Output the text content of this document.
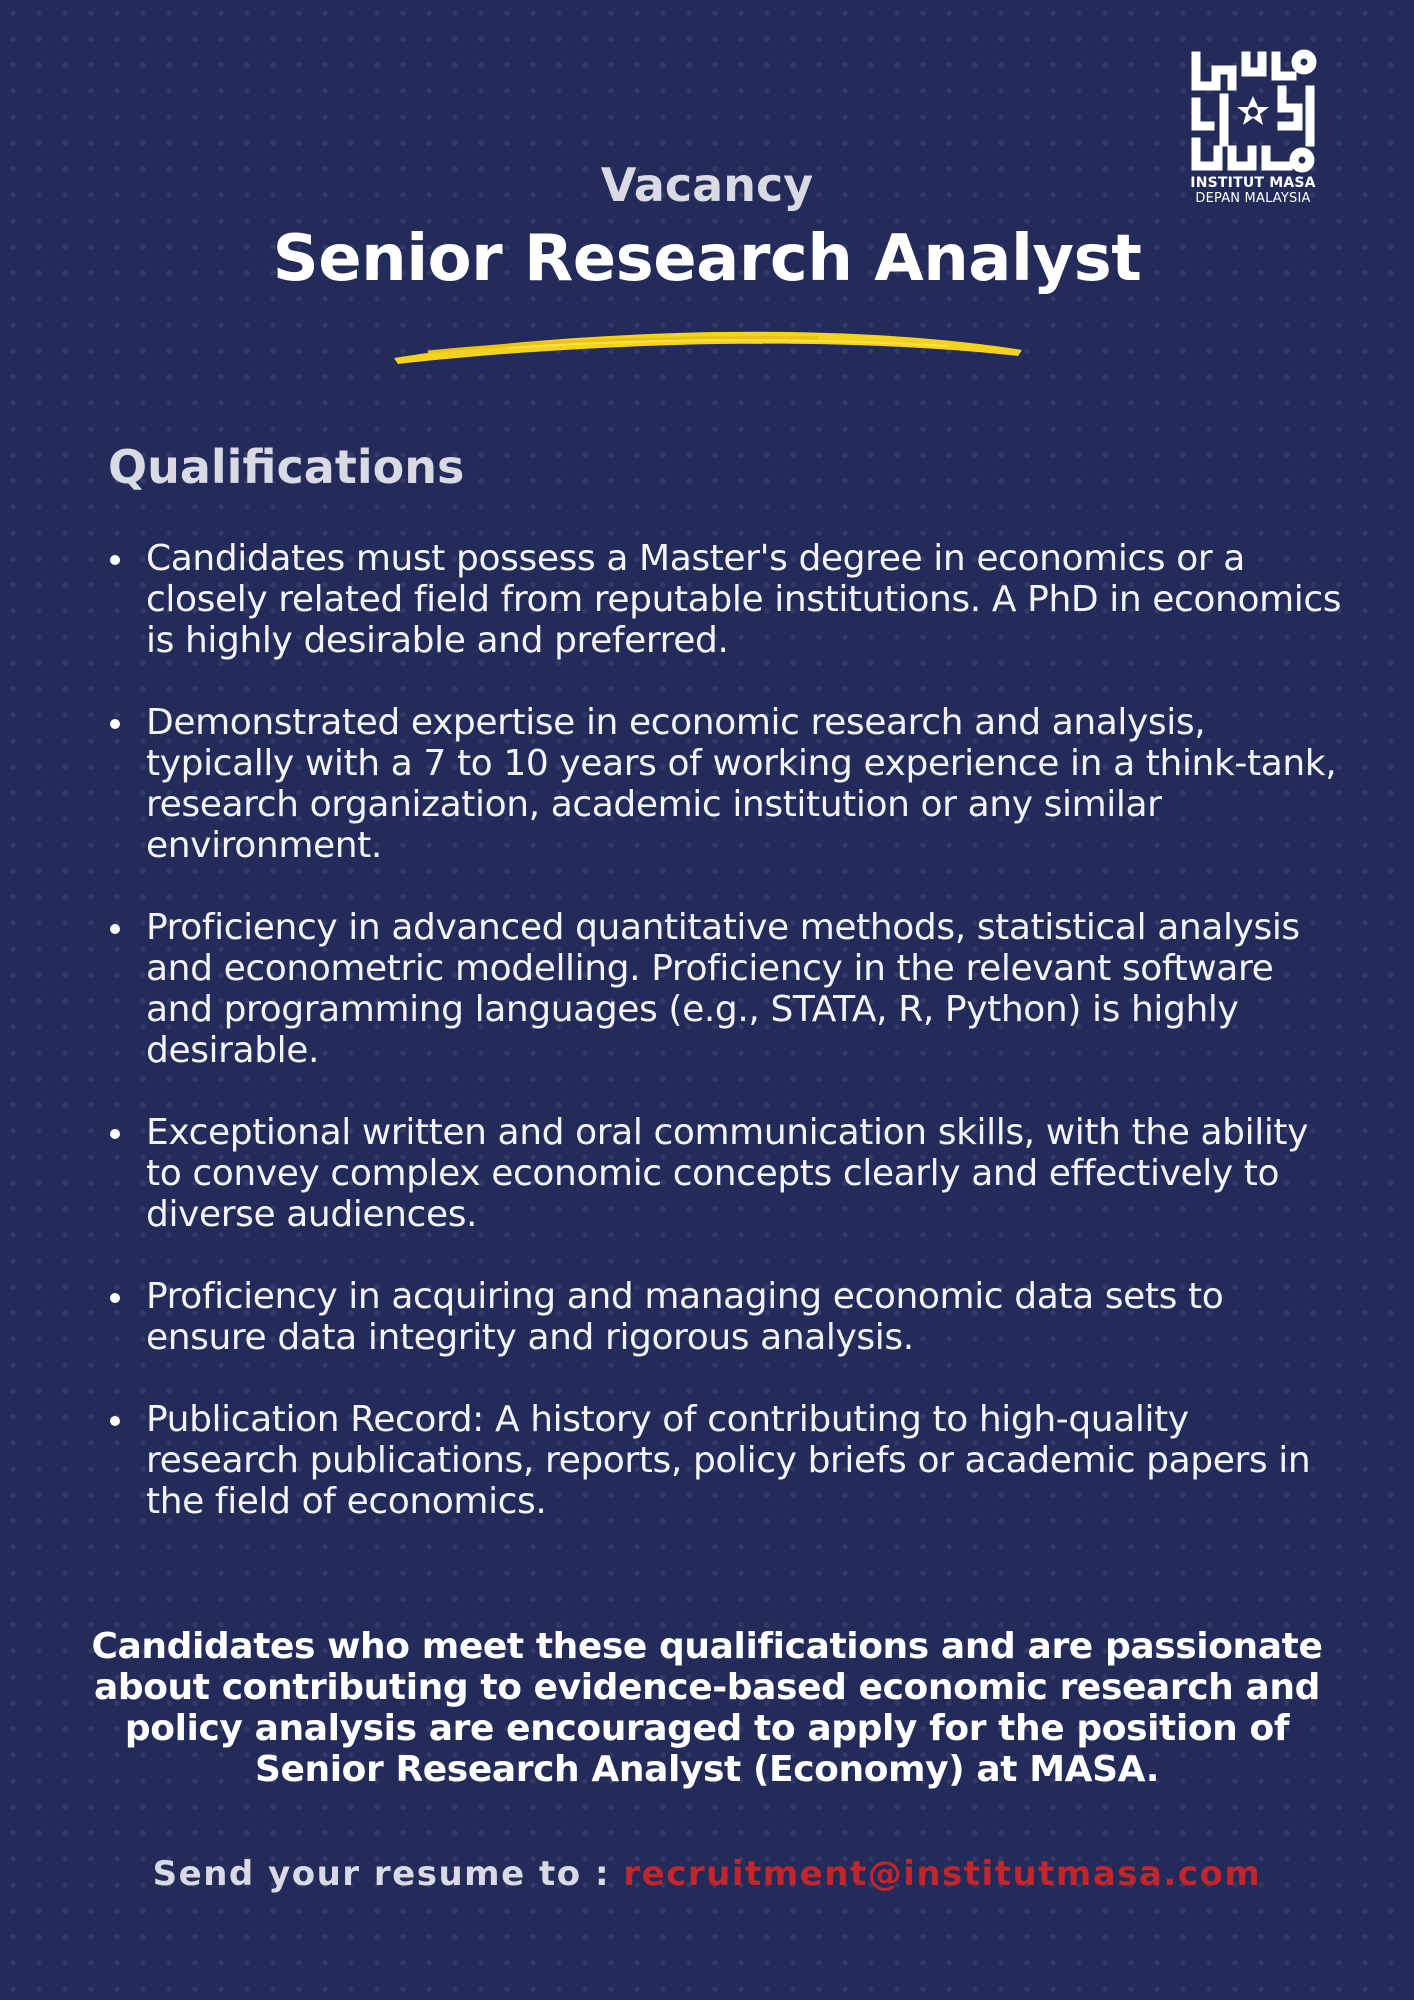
INSTITUT MASA
DEPAN MALAYSIA
Vacancy
Senior Research Analyst
Qualifications
Candidates must possess a Master's degree in economics or a closely related field from reputable institutions. A PhD in economics is highly desirable and preferred.
Demonstrated expertise in economic research and analysis, typically with a 7 to 10 years of working experience in a think-tank, research organization, academic institution or any similar environment.
Proficiency in advanced quantitative methods, statistical analysis and econometric modelling. Proficiency in the relevant software and programming languages (e.g., STATA, R, Python) is highly desirable.
Exceptional written and oral communication skills, with the ability to convey complex economic concepts clearly and effectively to diverse audiences.
Proficiency in acquiring and managing economic data sets to ensure data integrity and rigorous analysis.
Publication Record: A history of contributing to high-quality research publications, reports, policy briefs or academic papers in the field of economics.
Candidates who meet these qualifications and are passionate about contributing to evidence-based economic research and policy analysis are encouraged to apply for the position of Senior Research Analyst (Economy) at MASA.
Send your resume to : recruitment@institutmasa.com
